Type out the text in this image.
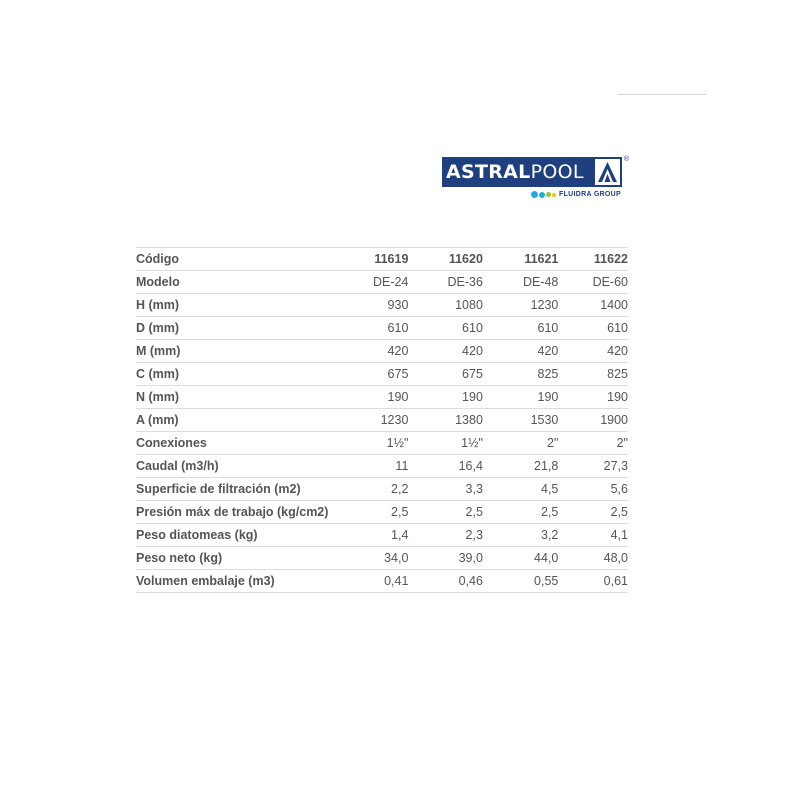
ASTRALPOOL
®
FLUIDRA GROUP
Código	11619	11620	11621	11622
Modelo	DE-24	DE-36	DE-48	DE-60
H (mm)	930	1080	1230	1400
D (mm)	610	610	610	610
M (mm)	420	420	420	420
C (mm)	675	675	825	825
N (mm)	190	190	190	190
A (mm)	1230	1380	1530	1900
Conexiones	1½"	1½"	2"	2"
Caudal (m3/h)	11	16,4	21,8	27,3
Superficie de filtración (m2)	2,2	3,3	4,5	5,6
Presión máx de trabajo (kg/cm2)	2,5	2,5	2,5	2,5
Peso diatomeas (kg)	1,4	2,3	3,2	4,1
Peso neto (kg)	34,0	39,0	44,0	48,0
Volumen embalaje (m3)	0,41	0,46	0,55	0,61
